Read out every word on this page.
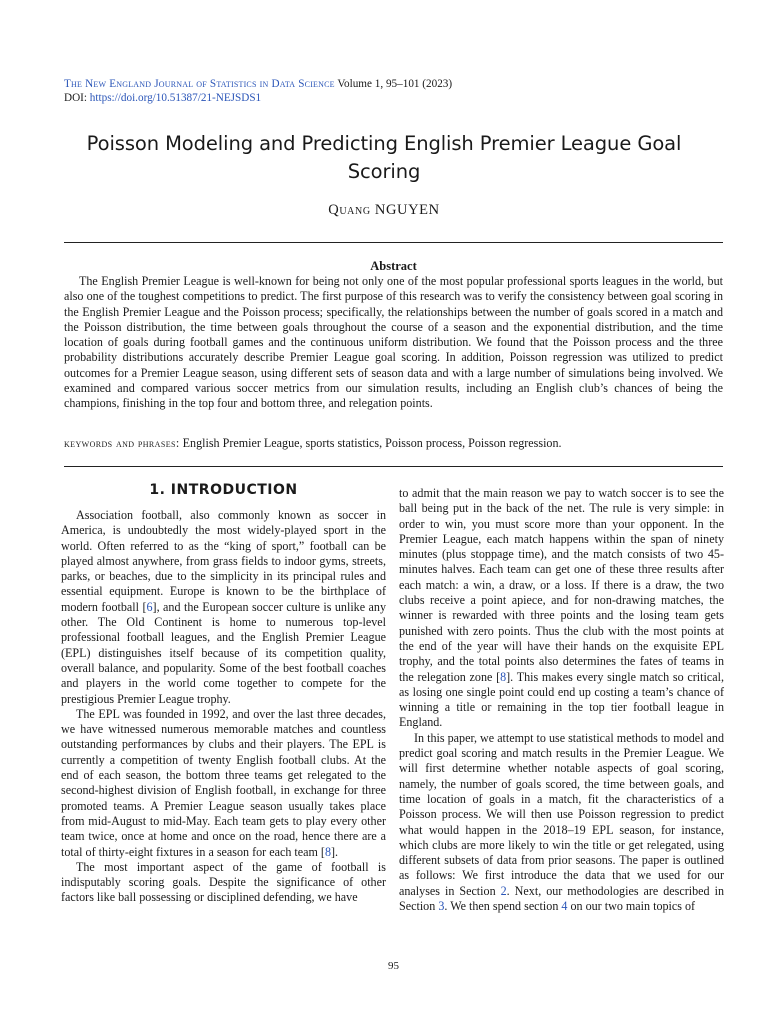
The New England Journal of Statistics in Data Science Volume 1, 95–101 (2023)
DOI: https://doi.org/10.51387/21-NEJSDS1
Poisson Modeling and Predicting English Premier League Goal Scoring
Quang NGUYEN
Abstract

The English Premier League is well-known for being not only one of the most popular professional sports leagues in the world, but also one of the toughest competitions to predict. The first purpose of this research was to verify the consistency between goal scoring in the English Premier League and the Poisson process; specifically, the relationships between the number of goals scored in a match and the Poisson distribution, the time between goals throughout the course of a season and the exponential distribution, and the time location of goals during football games and the continuous uniform distribution. We found that the Poisson process and the three probability distributions accurately describe Premier League goal scoring. In addition, Poisson regression was utilized to predict outcomes for a Premier League season, using different sets of season data and with a large number of simulations being involved. We examined and compared various soccer metrics from our simulation results, including an English club’s chances of being the champions, finishing in the top four and bottom three, and relegation points.

keywords and phrases: English Premier League, sports statistics, Poisson process, Poisson regression.
1. INTRODUCTION

Association football, also commonly known as soccer in America, is undoubtedly the most widely-played sport in the world. Often referred to as the “king of sport,” football can be played almost anywhere, from grass fields to indoor gyms, streets, parks, or beaches, due to the simplicity in its principal rules and essential equipment. Europe is known to be the birthplace of modern football [6], and the European soccer culture is unlike any other. The Old Continent is home to numerous top-level professional football leagues, and the English Premier League (EPL) distinguishes itself because of its competition quality, overall balance, and popularity. Some of the best football coaches and players in the world come together to compete for the prestigious Premier League trophy.

The EPL was founded in 1992, and over the last three decades, we have witnessed numerous memorable matches and countless outstanding performances by clubs and their players. The EPL is currently a competition of twenty English football clubs. At the end of each season, the bottom three teams get relegated to the second-highest division of English football, in exchange for three promoted teams. A Premier League season usually takes place from mid-August to mid-May. Each team gets to play every other team twice, once at home and once on the road, hence there are a total of thirty-eight fixtures in a season for each team [8].

The most important aspect of the game of football is indisputably scoring goals. Despite the significance of other factors like ball possessing or disciplined defending, we have

to admit that the main reason we pay to watch soccer is to see the ball being put in the back of the net. The rule is very simple: in order to win, you must score more than your opponent. In the Premier League, each match happens within the span of ninety minutes (plus stoppage time), and the match consists of two 45-minutes halves. Each team can get one of these three results after each match: a win, a draw, or a loss. If there is a draw, the two clubs receive a point apiece, and for non-drawing matches, the winner is rewarded with three points and the losing team gets punished with zero points. Thus the club with the most points at the end of the year will have their hands on the exquisite EPL trophy, and the total points also determines the fates of teams in the relegation zone [8]. This makes every single match so critical, as losing one single point could end up costing a team’s chance of winning a title or remaining in the top tier football league in England.

In this paper, we attempt to use statistical methods to model and predict goal scoring and match results in the Premier League. We will first determine whether notable aspects of goal scoring, namely, the number of goals scored, the time between goals, and time location of goals in a match, fit the characteristics of a Poisson process. We will then use Poisson regression to predict what would happen in the 2018–19 EPL season, for instance, which clubs are more likely to win the title or get relegated, using different subsets of data from prior seasons. The paper is outlined as follows: We first introduce the data that we used for our analyses in Section 2. Next, our methodologies are described in Section 3. We then spend section 4 on our two main topics of

95
